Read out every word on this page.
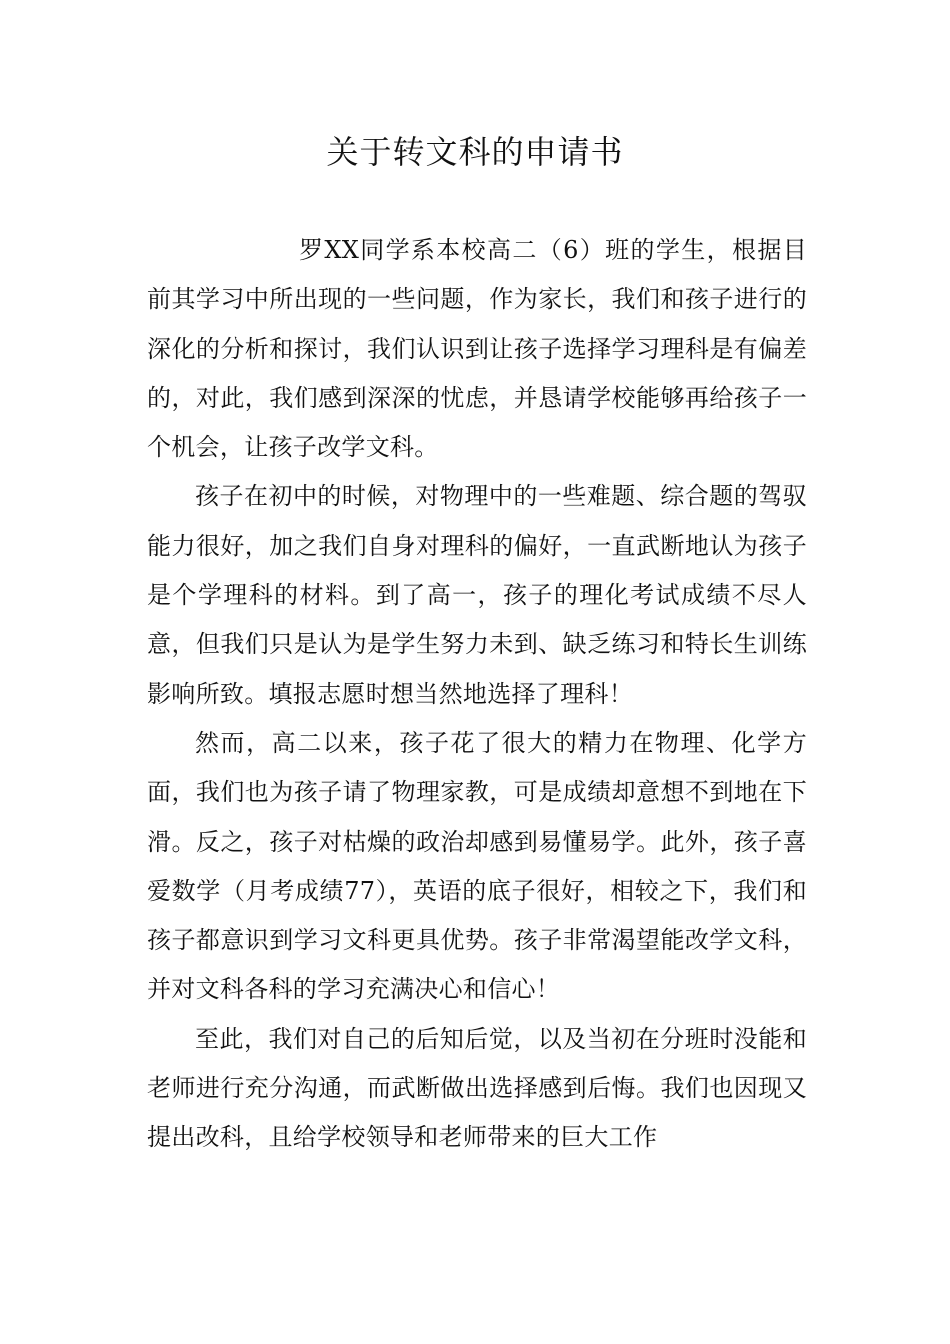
关于转文科的申请书

罗XX同学系本校高二（6）班的学生，根据目前其学习中所出现的一些问题，作为家长，我们和孩子进行的深化的分析和探讨，我们认识到让孩子选择学习理科是有偏差的，对此，我们感到深深的忧虑，并恳请学校能够再给孩子一个机会，让孩子改学文科。

孩子在初中的时候，对物理中的一些难题、综合题的驾驭能力很好，加之我们自身对理科的偏好，一直武断地认为孩子是个学理科的材料。到了高一，孩子的理化考试成绩不尽人意，但我们只是认为是学生努力未到、缺乏练习和特长生训练影响所致。填报志愿时想当然地选择了理科！

然而，高二以来，孩子花了很大的精力在物理、化学方面，我们也为孩子请了物理家教，可是成绩却意想不到地在下滑。反之，孩子对枯燥的政治却感到易懂易学。此外，孩子喜爱数学（月考成绩77），英语的底子很好，相较之下，我们和孩子都意识到学习文科更具优势。孩子非常渴望能改学文科，并对文科各科的学习充满决心和信心！

至此，我们对自己的后知后觉，以及当初在分班时没能和老师进行充分沟通，而武断做出选择感到后悔。我们也因现又提出改科，且给学校领导和老师带来的巨大工作
